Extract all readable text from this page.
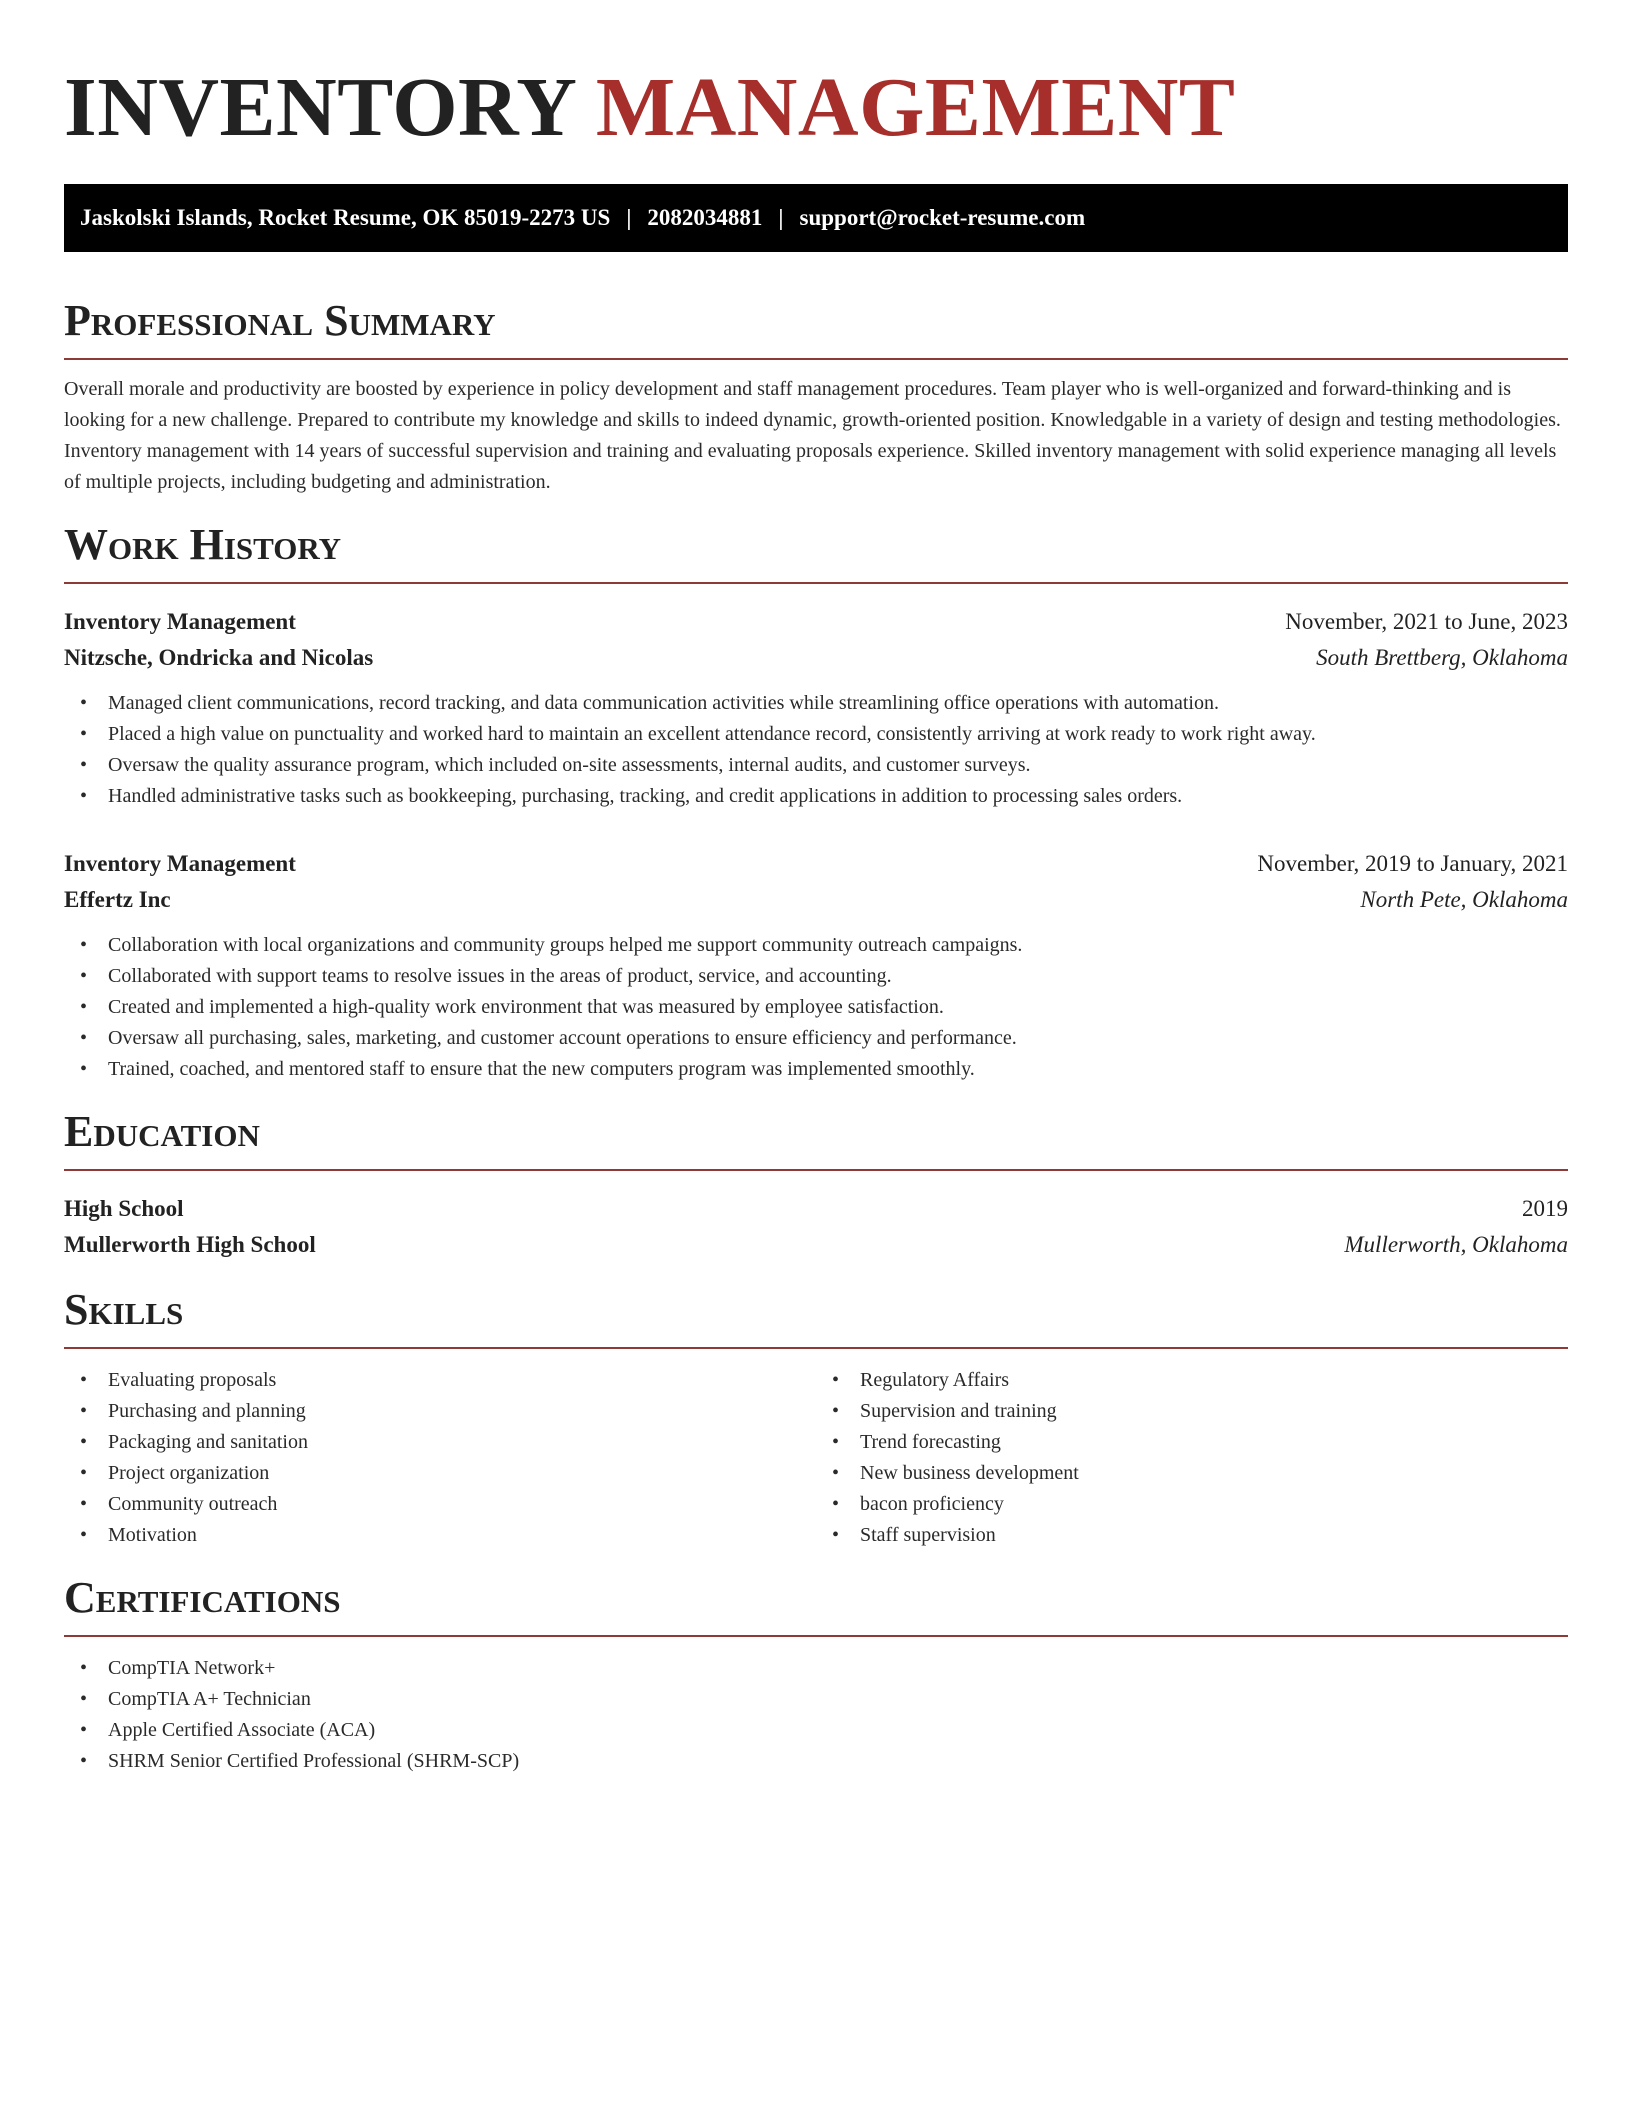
INVENTORY MANAGEMENT
Jaskolski Islands, Rocket Resume, OK 85019-2273 US | 2082034881 | support@rocket-resume.com
Professional Summary

Overall morale and productivity are boosted by experience in policy development and staff management procedures. Team player who is well-organized and forward-thinking and is looking for a new challenge. Prepared to contribute my knowledge and skills to indeed dynamic, growth-oriented position. Knowledgable in a variety of design and testing methodologies. Inventory management with 14 years of successful supervision and training and evaluating proposals experience. Skilled inventory management with solid experience managing all levels of multiple projects, including budgeting and administration.

Work History
Inventory Management	November, 2021 to June, 2023
Nitzsche, Ondricka and Nicolas	South Brettberg, Oklahoma
• Managed client communications, record tracking, and data communication activities while streamlining office operations with automation.
• Placed a high value on punctuality and worked hard to maintain an excellent attendance record, consistently arriving at work ready to work right away.
• Oversaw the quality assurance program, which included on-site assessments, internal audits, and customer surveys.
• Handled administrative tasks such as bookkeeping, purchasing, tracking, and credit applications in addition to processing sales orders.
Inventory Management	November, 2019 to January, 2021
Effertz Inc	North Pete, Oklahoma
• Collaboration with local organizations and community groups helped me support community outreach campaigns.
• Collaborated with support teams to resolve issues in the areas of product, service, and accounting.
• Created and implemented a high-quality work environment that was measured by employee satisfaction.
• Oversaw all purchasing, sales, marketing, and customer account operations to ensure efficiency and performance.
• Trained, coached, and mentored staff to ensure that the new computers program was implemented smoothly.
Education
High School	2019
Mullerworth High School	Mullerworth, Oklahoma
Skills
• Evaluating proposals
• Purchasing and planning
• Packaging and sanitation
• Project organization
• Community outreach
• Motivation
• Regulatory Affairs
• Supervision and training
• Trend forecasting
• New business development
• bacon proficiency
• Staff supervision
Certifications
• CompTIA Network+
• CompTIA A+ Technician
• Apple Certified Associate (ACA)
• SHRM Senior Certified Professional (SHRM-SCP)
